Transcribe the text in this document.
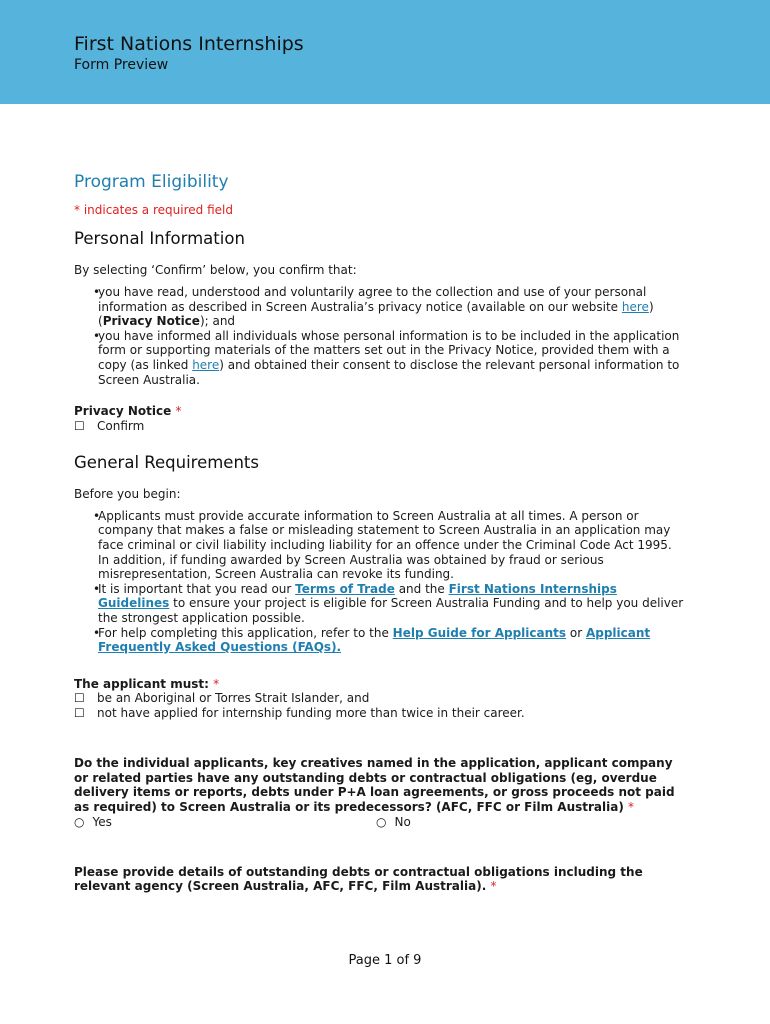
First Nations Internships
Form Preview
Program Eligibility
* indicates a required field
Personal Information

By selecting ‘Confirm’ below, you confirm that:

• you have read, understood and voluntarily agree to the collection and use of your personal information as described in Screen Australia’s privacy notice (available on our website here) (Privacy Notice); and
• you have informed all individuals whose personal information is to be included in the application form or supporting materials of the matters set out in the Privacy Notice, provided them with a copy (as linked here) and obtained their consent to disclose the relevant personal information to Screen Australia.
Privacy Notice *
☐ Confirm
General Requirements

Before you begin:

• Applicants must provide accurate information to Screen Australia at all times. A person or company that makes a false or misleading statement to Screen Australia in an application may face criminal or civil liability including liability for an offence under the Criminal Code Act 1995. In addition, if funding awarded by Screen Australia was obtained by fraud or serious misrepresentation, Screen Australia can revoke its funding.
• It is important that you read our Terms of Trade and the First Nations Internships Guidelines to ensure your project is eligible for Screen Australia Funding and to help you deliver the strongest application possible.
• For help completing this application, refer to the Help Guide for Applicants or Applicant Frequently Asked Questions (FAQs).
The applicant must: *
☐ be an Aboriginal or Torres Strait Islander, and
☐ not have applied for internship funding more than twice in their career.
Do the individual applicants, key creatives named in the application, applicant company or related parties have any outstanding debts or contractual obligations (eg, overdue delivery items or reports, debts under P+A loan agreements, or gross proceeds not paid as required) to Screen Australia or its predecessors? (AFC, FFC or Film Australia) *
○ Yes	○ No
Please provide details of outstanding debts or contractual obligations including the relevant agency (Screen Australia, AFC, FFC, Film Australia). *
Page 1 of 9
